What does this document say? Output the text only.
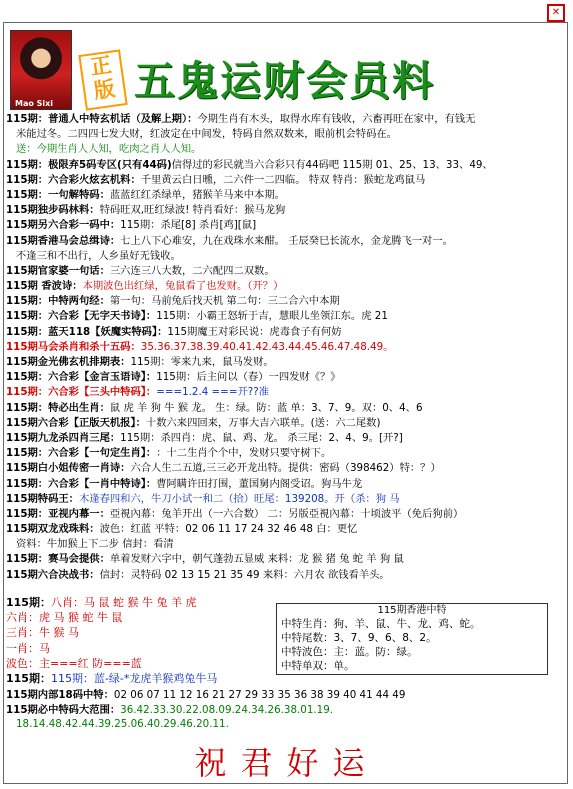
✕
Mao Sixi
正版 五鬼运财会员料
115期：普通人中特玄机话（及解上期）： 今期生肖有木头，取得水库有钱收，六畜再旺在家中，有钱无
米能过冬。二四四七发大财，红波定在中间发，特码自然双数来，眼前机会特码在。
送：今期生肖人人知，吃肉之肖人人知。
115期：极限弃5码专区(只有44码) 信得过的彩民就当六合彩只有44码吧 115期 01、25、13、33、49、
115期：六合彩火炫玄机料： 千里黄云白日曛，二六件一二四临。 特双 特肖：猴蛇龙鸡鼠马
115期：一句解特码： 蓝蓝红红杀绿单，猪猴羊马来中本期。
115期独步码林料： 特码旺双,旺红绿波! 特肖看好：猴马龙狗
115期另六合彩一码中： 115期：杀尾[8] 杀肖[鸡][鼠]
115期香港马会总缉诗： 七上八下心难安，九在戏珠水来酣。 壬辰癸巳长流水，金龙腾飞一对一。
不逢三和不出行，人乡虽好无钱收。
115期官家婆一句话： 三六连三八大数，二六配四二双数。
115期 香波诗： 本期波色出红绿，兔鼠看了也发财。（开？）
115期：中特两句经： 第一句：马前兔后找天机 第二句：三二合六中本期
115期：六合彩【无字天书诗】： 115期：小霸王怒斩于吉，慧眼儿坐领江东。虎 21
115期：蓝天118【妖魔实特码】： 115期魔王对彩民说：虎毒食子有何妨
115期马会杀肖和杀十五码： 35.36.37.38.39.40.41.42.43.44.45.46.47.48.49。
115期金光佛玄机排期表： 115期：零来九来，鼠马发财。
115期：六合彩【金言玉语诗】： 115期：后主问以（春）一四发财《？》
115期：六合彩【三头中特码】： ===1.2.4 ===开??准
115期：特必出生肖： 鼠 虎 羊 狗 牛 猴 龙。 生：绿。防：蓝 单：3、7、9。双：0、4、6
115期六合彩【正版天机报】： 十数六来四回来，万事大吉六联单。(送：六二尾数)
115期九龙杀四肖三尾： 115期：杀四肖：虎、鼠、鸡、龙。 杀三尾：2、4、9。[开?]
115期：六合彩【一句定生肖】： ：十二生肖个个中，发财只要守树下。
115期白小姐传密一肖诗： 六合人生二五道,三三必开龙出特。提供：密码（398462）特：？）
115期：六合彩【一肖中特诗】： 曹阿瞒许田打围，董国舅内阁受诏。狗马牛龙
115期特码王： 木逢春四和六，牛刀小试一和二（拾）旺尾：139208。开（杀：狗 马
115期：亚视内幕一： 亞視內幕：兔羊开出（一六合数） 二：另版亞視內幕：十顷波平（免后狗前）
115期双龙戏珠料： 波色：红蓝 平特：02 06 11 17 24 32 46 48 白：更忆
资料：牛加猴上下二步 信封：看清
115期：赛马会提供： 单着发财六字中，朝气蓬勃五显威 来料：龙 猴 猪 兔 蛇 羊 狗 鼠
115期六合决战书： 信封：灵特码 02 13 15 21 35 49 来料：六月农 欲钱看羊头。
115期： 八肖：马 鼠 蛇 猴 牛 兔 羊 虎
六肖：虎 马 猴 蛇 牛 鼠
三肖：牛 猴 马
一肖：马
波色：主===红 防===蓝
115期： 115期：蓝-绿-*龙虎羊猴鸡兔牛马
115期香港中特
中特生肖：狗、羊、鼠、牛、龙、鸡、蛇。
中特尾数：3、7、9、6、8、2。
中特波色：主：蓝。防：绿。
中特单双：单。
115期内部18码中特： 02 06 07 11 12 16 21 27 29 33 35 36 38 39 40 41 44 49
115期必中特码大范围： 36.42.33.30.22.08.09.24.34.26.38.01.19.
18.14.48.42.44.39.25.06.40.29.46.20.11.
祝君好运
